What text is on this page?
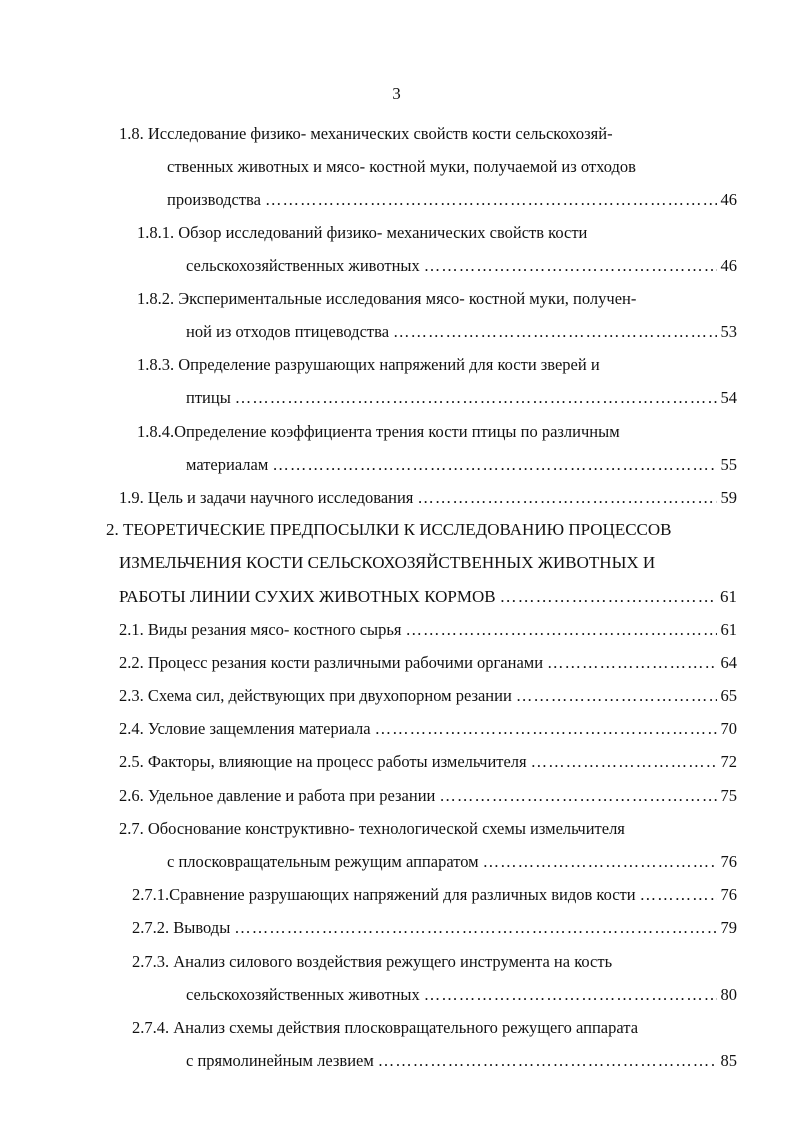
3
1.8. Исследование физико- механических свойств кости сельскохозяй-
ственных животных и мясо- костной муки, получаемой из отходов
производства ………………………………………………………………………………………………………………………………………………………………………………………………………	46
1.8.1. Обзор исследований физико- механических свойств кости
сельскохозяйственных животных ………………………………………………………………………………………………………………………………………………………………………………………………………	46
1.8.2. Экспериментальные исследования мясо- костной муки, получен-
ной из отходов птицеводства ………………………………………………………………………………………………………………………………………………………………………………………………………	53
1.8.3. Определение разрушающих напряжений для кости зверей и
птицы ………………………………………………………………………………………………………………………………………………………………………………………………………	54
1.8.4.Определение коэффициента трения кости птицы по различным
материалам ………………………………………………………………………………………………………………………………………………………………………………………………………	55
1.9. Цель и задачи научного исследования ………………………………………………………………………………………………………………………………………………………………………………………………………	59
2. ТЕОРЕТИЧЕСКИЕ ПРЕДПОСЫЛКИ К ИССЛЕДОВАНИЮ ПРОЦЕССОВ
ИЗМЕЛЬЧЕНИЯ КОСТИ СЕЛЬСКОХОЗЯЙСТВЕННЫХ ЖИВОТНЫХ И
РАБОТЫ ЛИНИИ СУХИХ ЖИВОТНЫХ КОРМОВ ………………………………………………………………………………………………………………………………………………………………………………………………………	61
2.1. Виды резания мясо- костного сырья ………………………………………………………………………………………………………………………………………………………………………………………………………	61
2.2. Процесс резания кости различными рабочими органами ………………………………………………………………………………………………………………………………………………………………………………………………………	64
2.3. Схема сил, действующих при двухопорном резании ………………………………………………………………………………………………………………………………………………………………………………………………………	65
2.4. Условие защемления материала ………………………………………………………………………………………………………………………………………………………………………………………………………	70
2.5. Факторы, влияющие на процесс работы измельчителя ………………………………………………………………………………………………………………………………………………………………………………………………………	72
2.6. Удельное давление и работа при резании ………………………………………………………………………………………………………………………………………………………………………………………………………	75
2.7. Обоснование конструктивно- технологической схемы измельчителя
с плосковращательным режущим аппаратом ………………………………………………………………………………………………………………………………………………………………………………………………………	76
2.7.1.Сравнение разрушающих напряжений для различных видов кости ………………………………………………………………………………………………………………………………………………………………………………………………………	76
2.7.2. Выводы ………………………………………………………………………………………………………………………………………………………………………………………………………	79
2.7.3. Анализ силового воздействия режущего инструмента на кость
сельскохозяйственных животных ………………………………………………………………………………………………………………………………………………………………………………………………………	80
2.7.4. Анализ схемы действия плосковращательного режущего аппарата
с прямолинейным лезвием ………………………………………………………………………………………………………………………………………………………………………………………………………	85
